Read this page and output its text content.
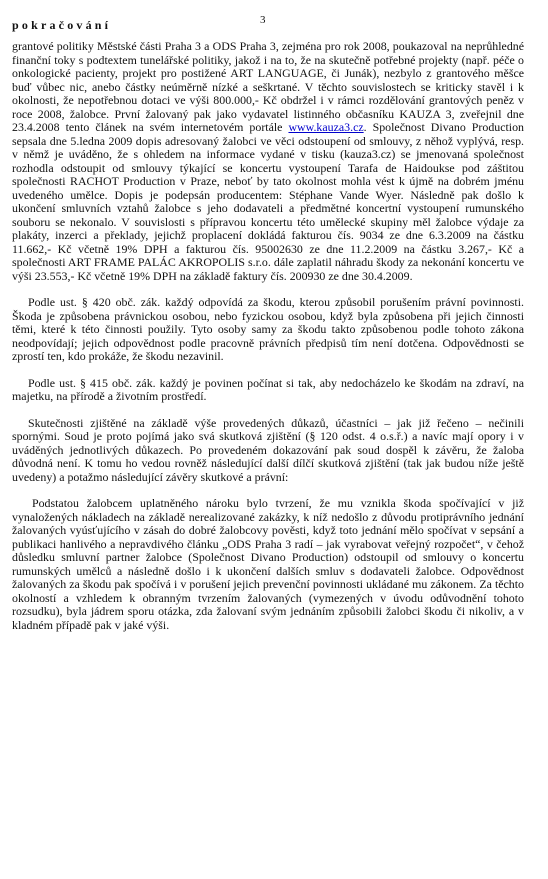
pokračování	3

grantové politiky Městské části Praha 3 a ODS Praha 3, zejména pro rok 2008, poukazoval na neprůhledné finanční toky s podtextem tunelářské politiky, jakož i na to, že na skutečně potřebné projekty (např. péče o onkologické pacienty, projekt pro postižené ART LANGUAGE, či Junák), nezbylo z grantového měšce buď vůbec nic, anebo částky neúměrně nízké a seškrtané. V těchto souvislostech se kriticky stavěl i k okolnosti, že nepotřebnou dotaci ve výši 800.000,- Kč obdržel i v rámci rozdělování grantových peněz v roce 2008, žalobce. První žalovaný pak jako vydavatel listinného občasníku KAUZA 3, zveřejnil dne 23.4.2008 tento článek na svém internetovém portále www.kauza3.cz. Společnost Divano Production sepsala dne 5.ledna 2009 dopis adresovaný žalobci ve věci odstoupení od smlouvy, z něhož vyplývá, resp. v němž je uváděno, že s ohledem na informace vydané v tisku (kauza3.cz) se jmenovaná společnost rozhodla odstoupit od smlouvy týkající se koncertu vystoupení Tarafa de Haidoukse pod záštitou společnosti RACHOT Production v Praze, neboť by tato okolnost mohla vést k újmě na dobrém jménu uvedeného umělce. Dopis je podepsán producentem: Stéphane Vande Wyer. Následně pak došlo k ukončení smluvních vztahů žalobce s jeho dodavateli a předmětné koncertní vystoupení rumunského souboru se nekonalo. V souvislosti s přípravou koncertu této umělecké skupiny měl žalobce výdaje za plakáty, inzerci a překlady, jejichž proplacení dokládá fakturou čís. 9034 ze dne 6.3.2009 na částku 11.662,- Kč včetně 19% DPH a fakturou čís. 95002630 ze dne 11.2.2009 na částku 3.267,- Kč a společnosti ART FRAME PALÁC AKROPOLIS s.r.o. dále zaplatil náhradu škody za nekonání koncertu ve výši 23.553,- Kč včetně 19% DPH na základě faktury čís. 200930 ze dne 30.4.2009.

Podle ust. § 420 obč. zák. každý odpovídá za škodu, kterou způsobil porušením právní povinnosti. Škoda je způsobena právnickou osobou, nebo fyzickou osobou, když byla způsobena při jejich činnosti těmi, které k této činnosti použily. Tyto osoby samy za škodu takto způsobenou podle tohoto zákona neodpovídají; jejich odpovědnost podle pracovně právních předpisů tím není dotčena. Odpovědnosti se zprostí ten, kdo prokáže, že škodu nezavinil.

Podle ust. § 415 obč. zák. každý je povinen počínat si tak, aby nedocházelo ke škodám na zdraví, na majetku, na přírodě a životním prostředí.

Skutečnosti zjištěné na základě výše provedených důkazů, účastníci – jak již řečeno – nečinili spornými. Soud je proto pojímá jako svá skutková zjištění (§ 120 odst. 4 o.s.ř.) a navíc mají opory i v uváděných jednotlivých důkazech. Po provedeném dokazování pak soud dospěl k závěru, že žaloba důvodná není. K tomu ho vedou rovněž následující další dílčí skutková zjištění (tak jak budou níže ještě uvedeny) a potažmo následující závěry skutkové a právní:

Podstatou žalobcem uplatněného nároku bylo tvrzení, že mu vznikla škoda spočívající v již vynaložených nákladech na základě nerealizované zakázky, k níž nedošlo z důvodu protiprávního jednání žalovaných vyúsťujícího v zásah do dobré žalobcovy pověsti, když toto jednání mělo spočívat v sepsání a publikaci hanlivého a nepravdivého článku „ODS Praha 3 radí – jak vyrabovat veřejný rozpočet“, v čehož důsledku smluvní partner žalobce (Společnost Divano Production) odstoupil od smlouvy o koncertu rumunských umělců a následně došlo i k ukončení dalších smluv s dodavateli žalobce. Odpovědnost žalovaných za škodu pak spočívá i v porušení jejich prevenční povinnosti ukládané mu zákonem. Za těchto okolností a vzhledem k obranným tvrzením žalovaných (vymezených v úvodu odůvodnění tohoto rozsudku), byla jádrem sporu otázka, zda žalovaní svým jednáním způsobili žalobci škodu či nikoliv, a v kladném případě pak v jaké výši.
